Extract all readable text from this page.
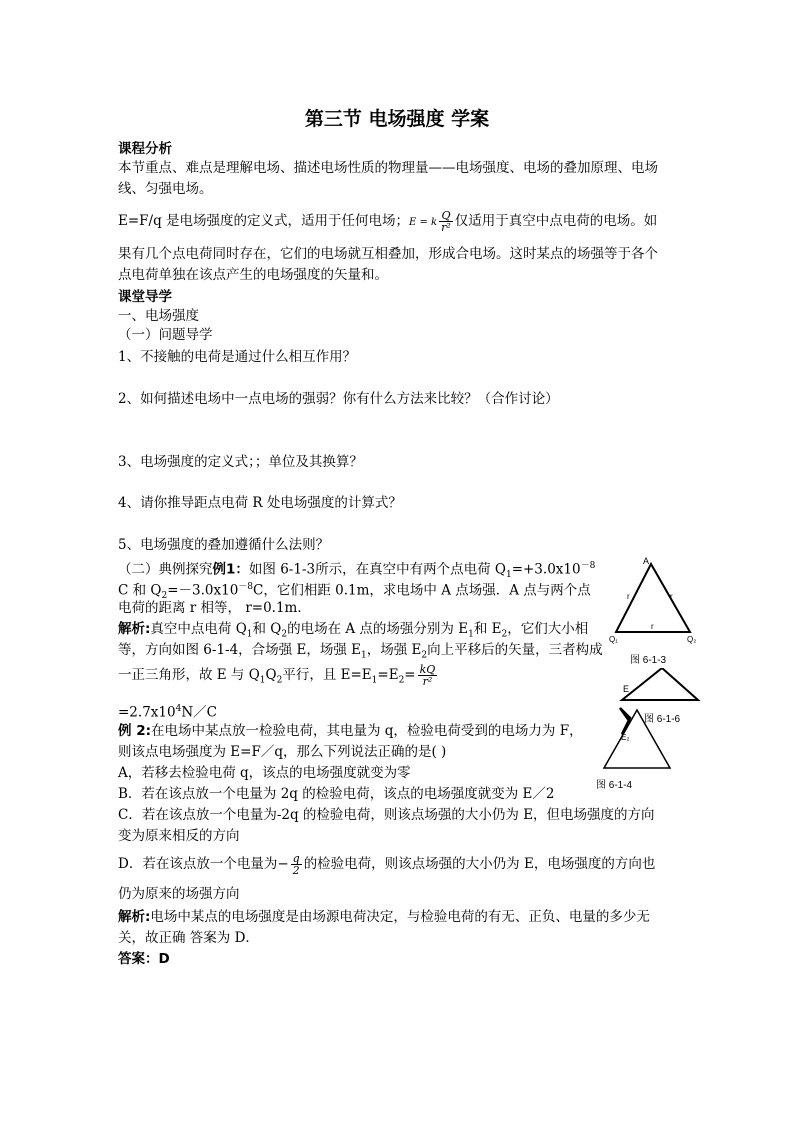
第三节 电场强度 学案
课程分析
本节重点、难点是理解电场、描述电场性质的物理量——电场强度、电场的叠加原理、电场
线、匀强电场。
E=F/q 是电场强度的定义式，适用于任何电场；E = k $\frac{Q}{\text{r²}}$ 仅适用于真空中点电荷的电场。如
果有几个点电荷同时存在，它们的电场就互相叠加，形成合电场。这时某点的场强等于各个
点电荷单独在该点产生的电场强度的矢量和。
课堂导学
一、电场强度
（一）问题导学
1、不接触的电荷是通过什么相互作用？
2、如何描述电场中一点电场的强弱？你有什么方法来比较？（合作讨论）
3、电场强度的定义式；；单位及其换算？
4、请你推导距点电荷 R 处电场强度的计算式？
5、电场强度的叠加遵循什么法则？
（二）典例探究例1：如图 6-1-3所示，在真空中有两个点电荷 $Q_1=+3.0x10^{-8}$
C 和 $Q_2=-3.0x10^{-8}C$，它们相距 0.1m，求电场中 A 点场强．A 点与两个点
电荷的距离 r 相等， r=0.1m．
解析:真空中点电荷 $Q_1$和 $Q_2$的电场在 A 点的场强分别为 $E_1$和 $E_2$，它们大小相
等，方向如图 6-1-4，合场强 E，场强 $E_1$，场强 $E_2$向上平移后的矢量，三者构成
一正三角形，故 E 与 $Q_1Q_2$平行，且 $E=E_1=E_2= \frac{kQ}{\text{r²}}$
$=2.7x10^4N/C$
例 2:在电场中某点放一检验电荷，其电量为 q，检验电荷受到的电场力为 F，
则该点电场强度为 E=F／q，那么下列说法正确的是( )
A，若移去检验电荷 q，该点的电场强度就变为零
B．若在该点放一个电量为 2q 的检验电荷，该点的电场强度就变为 E／2
C．若在该点放一个电量为-2q 的检验电荷，则该点场强的大小仍为 E，但电场强度的方向
变为原来相反的方向
D．若在该点放一个电量为− $\frac{q}{2}$ 的检验电荷，则该点场强的大小仍为 E，电场强度的方向也
仍为原来的场强方向
解析:电场中某点的电场强度是由场源电荷决定，与检验电荷的有无、正负、电量的多少无
关，故正确 答案为 D．
答案：D
A
r	r
r
Q₁	Q₂
图 6-1-3
E
E₂
图 6-1-6
图 6-1-4
